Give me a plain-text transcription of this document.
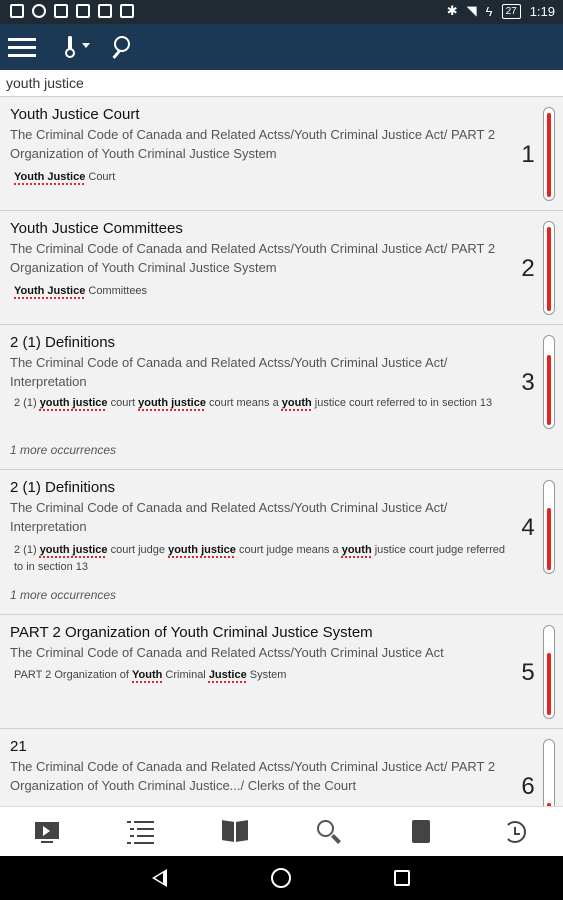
✱ ◥ ϟ	27	1:19
youth justice
Youth Justice Court
The Criminal Code of Canada and Related Actss/Youth Criminal Justice Act/ PART 2 Organization of Youth Criminal Justice System
Youth Justice Court
1
Youth Justice Committees
The Criminal Code of Canada and Related Actss/Youth Criminal Justice Act/ PART 2 Organization of Youth Criminal Justice System
Youth Justice Committees
2
2 (1) Definitions
The Criminal Code of Canada and Related Actss/Youth Criminal Justice Act/ Interpretation
2 (1) youth justice court youth justice court means a youth justice court referred to in section 13
1 more occurrences
3
2 (1) Definitions
The Criminal Code of Canada and Related Actss/Youth Criminal Justice Act/ Interpretation
2 (1) youth justice court judge youth justice court judge means a youth justice court judge referred to in section 13
1 more occurrences
4
PART 2 Organization of Youth Criminal Justice System
The Criminal Code of Canada and Related Actss/Youth Criminal Justice Act
PART 2 Organization of Youth Criminal Justice System	5
21
The Criminal Code of Canada and Related Actss/Youth Criminal Justice Act/ PART 2 Organization of Youth Criminal Justice.../ Clerks of the Court	6
